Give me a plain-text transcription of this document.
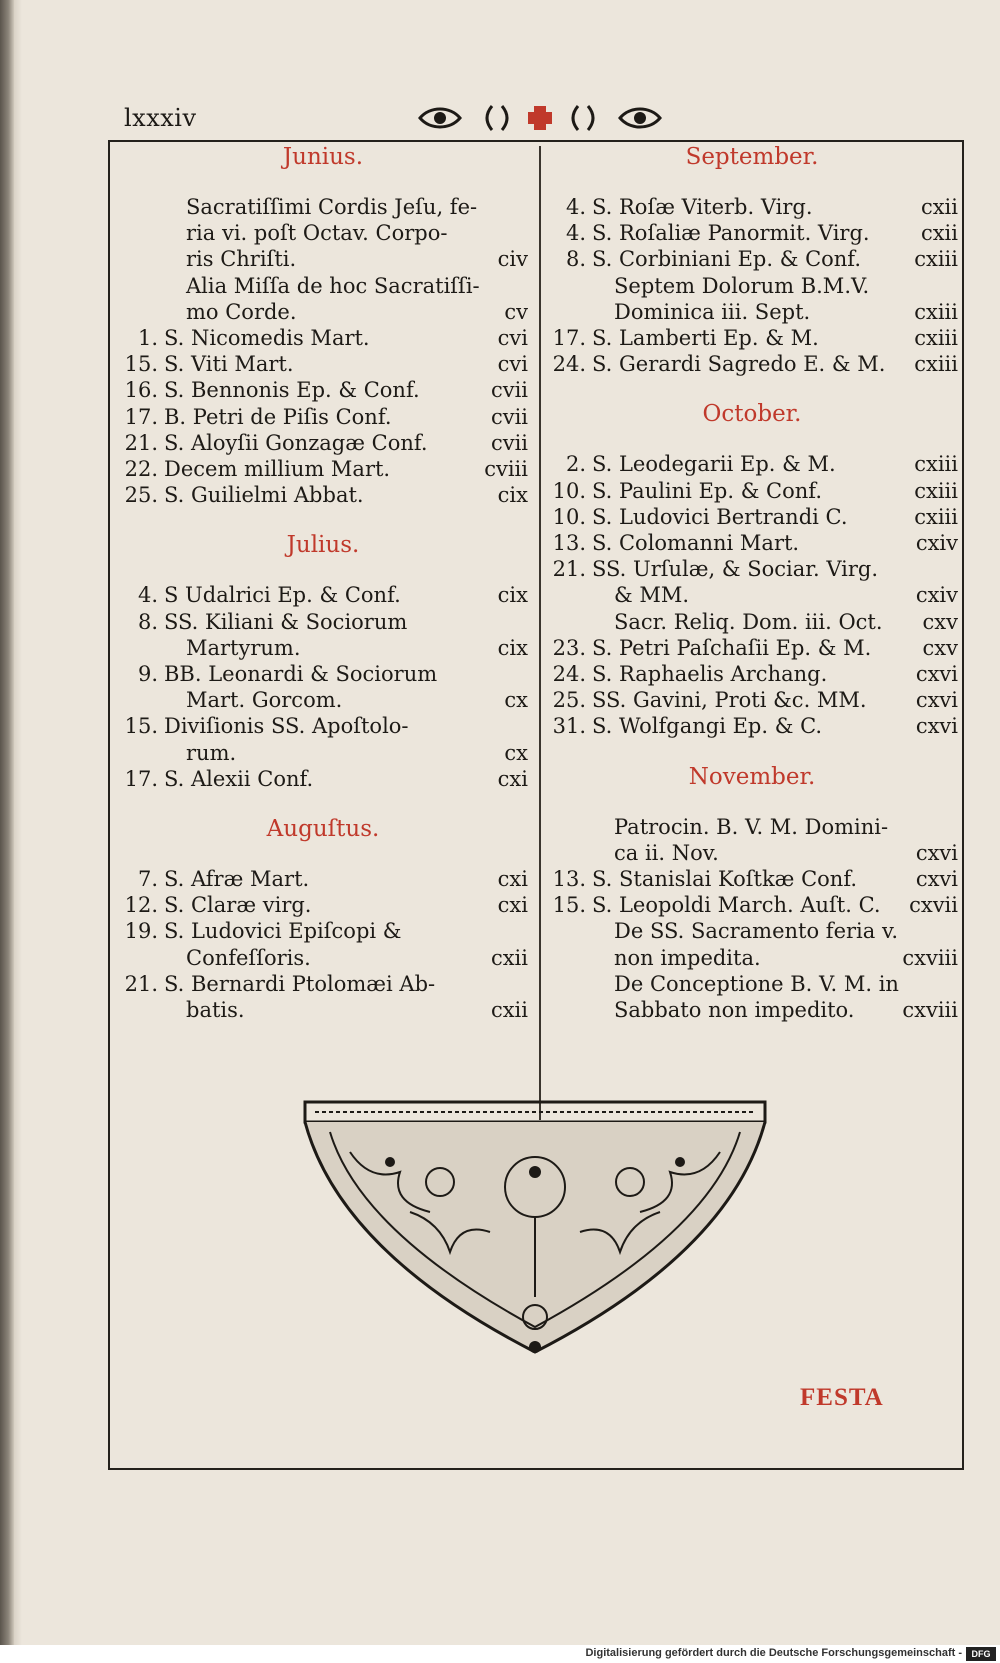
lxxxiv
Junius.
Sacratiſſimi Cordis Jeſu, fe-
ria vi. poſt Octav. Corpo-
ris Chriſti.	civ
Alia Miſſa de hoc Sacratiſſi-
mo Corde.	cv
1. S. Nicomedis Mart.	cvi
15. S. Viti Mart.	cvi
16. S. Bennonis Ep. & Conf.	cvii
17. B. Petri de Piſis Conf.	cvii
21. S. Aloyſii Gonzagæ Conf.	cvii
22. Decem millium Mart.	cviii
25. S. Guilielmi Abbat.	cix
Julius.
4. S Udalrici Ep. & Conf.	cix
8. SS. Kiliani & Sociorum
Martyrum.	cix
9. BB. Leonardi & Sociorum
Mart. Gorcom.	cx
15. Diviſionis SS. Apoſtolo-
rum.	cx
17. S. Alexii Conf.	cxi
Auguſtus.
7. S. Afræ Mart.	cxi
12. S. Claræ virg.	cxi
19. S. Ludovici Epiſcopi &
Confeſſoris.	cxii
21. S. Bernardi Ptolomæi Ab-
batis.	cxii
September.
4. S. Roſæ Viterb. Virg.	cxii
4. S. Roſaliæ Panormit. Virg.	cxii
8. S. Corbiniani Ep. & Conf.	cxiii
Septem Dolorum B.M.V.
Dominica iii. Sept.	cxiii
17. S. Lamberti Ep. & M.	cxiii
24. S. Gerardi Sagredo E. & M.	cxiii
October.
2. S. Leodegarii Ep. & M.	cxiii
10. S. Paulini Ep. & Conf.	cxiii
10. S. Ludovici Bertrandi C.	cxiii
13. S. Colomanni Mart.	cxiv
21. SS. Urſulæ, & Sociar. Virg.
& MM.	cxiv
Sacr. Reliq. Dom. iii. Oct.	cxv
23. S. Petri Paſchaſii Ep. & M.	cxv
24. S. Raphaelis Archang.	cxvi
25. SS. Gavini, Proti &c. MM.	cxvi
31. S. Wolfgangi Ep. & C.	cxvi
November.
Patrocin. B. V. M. Domini-
ca ii. Nov.	cxvi
13. S. Stanislai Koſtkæ Conf.	cxvi
15. S. Leopoldi March. Auſt. C.	cxvii
De SS. Sacramento feria v.
non impedita.	cxviii
De Conceptione B. V. M. in
Sabbato non impedito.	cxviii
FESTA
Digitalisierung gefördert durch die Deutsche Forschungsgemeinschaft -	DFG
